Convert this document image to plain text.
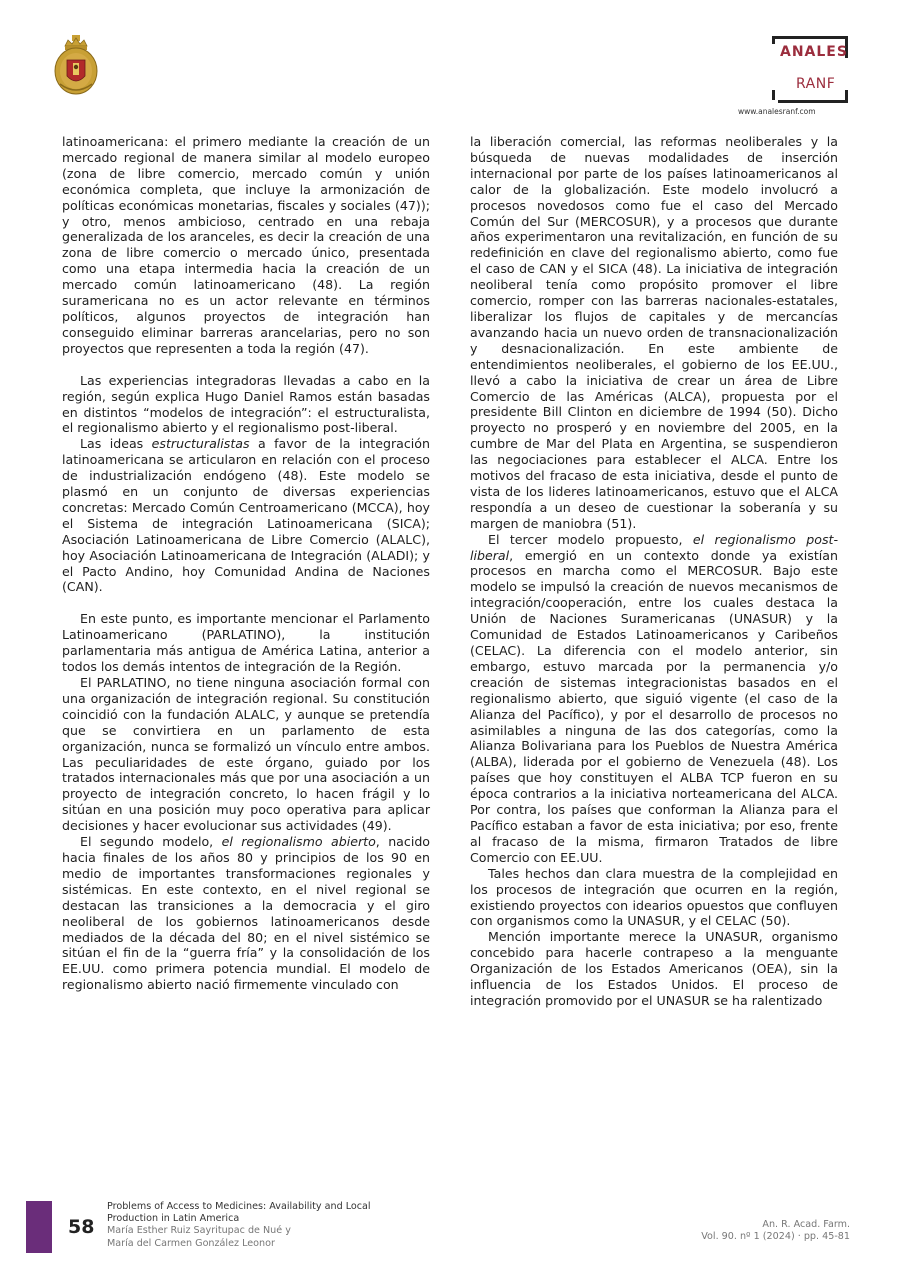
ANALES
RANF
www.analesranf.com

latinoamericana: el primero mediante la creación de un mercado regional de manera similar al modelo europeo (zona de libre comercio, mercado común y unión económica completa, que incluye la armonización de políticas económicas monetarias, fiscales y sociales (47)); y otro, menos ambicioso, centrado en una rebaja generalizada de los aranceles, es decir la creación de una zona de libre comercio o mercado único, presentada como una etapa intermedia hacia la creación de un mercado común latinoamericano (48). La región suramericana no es un actor relevante en términos políticos, algunos proyectos de integración han conseguido eliminar barreras arancelarias, pero no son proyectos que representen a toda la región (47).

Las experiencias integradoras llevadas a cabo en la región, según explica Hugo Daniel Ramos están basadas en distintos “modelos de integración”: el estructuralista, el regionalismo abierto y el regionalismo post-liberal.

Las ideas estructuralistas a favor de la integración latinoamericana se articularon en relación con el proceso de industrialización endógeno (48). Este modelo se plasmó en un conjunto de diversas experiencias concretas: Mercado Común Centroamericano (MCCA), hoy el Sistema de integración Latinoamericana (SICA); Asociación Latinoamericana de Libre Comercio (ALALC), hoy Asociación Latinoamericana de Integración (ALADI); y el Pacto Andino, hoy Comunidad Andina de Naciones (CAN).

En este punto, es importante mencionar el Parlamento Latinoamericano (PARLATINO), la institución parlamentaria más antigua de América Latina, anterior a todos los demás intentos de integración de la Región.

El PARLATINO, no tiene ninguna asociación formal con una organización de integración regional. Su constitución coincidió con la fundación ALALC, y aunque se pretendía que se convirtiera en un parlamento de esta organización, nunca se formalizó un vínculo entre ambos. Las peculiaridades de este órgano, guiado por los tratados internacionales más que por una asociación a un proyecto de integración concreto, lo hacen frágil y lo sitúan en una posición muy poco operativa para aplicar decisiones y hacer evolucionar sus actividades (49).

El segundo modelo, el regionalismo abierto, nacido hacia finales de los años 80 y principios de los 90 en medio de importantes transformaciones regionales y sistémicas. En este contexto, en el nivel regional se destacan las transiciones a la democracia y el giro neoliberal de los gobiernos latinoamericanos desde mediados de la década del 80; en el nivel sistémico se sitúan el fin de la “guerra fría” y la consolidación de los EE.UU. como primera potencia mundial. El modelo de regionalismo abierto nació firmemente vinculado con

la liberación comercial, las reformas neoliberales y la búsqueda de nuevas modalidades de inserción internacional por parte de los países latinoamericanos al calor de la globalización. Este modelo involucró a procesos novedosos como fue el caso del Mercado Común del Sur (MERCOSUR), y a procesos que durante años experimentaron una revitalización, en función de su redefinición en clave del regionalismo abierto, como fue el caso de CAN y el SICA (48). La iniciativa de integración neoliberal tenía como propósito promover el libre comercio, romper con las barreras nacionales-estatales, liberalizar los flujos de capitales y de mercancías avanzando hacia un nuevo orden de transnacionalización y desnacionalización. En este ambiente de entendimientos neoliberales, el gobierno de los EE.UU., llevó a cabo la iniciativa de crear un área de Libre Comercio de las Américas (ALCA), propuesta por el presidente Bill Clinton en diciembre de 1994 (50). Dicho proyecto no prosperó y en noviembre del 2005, en la cumbre de Mar del Plata en Argentina, se suspendieron las negociaciones para establecer el ALCA. Entre los motivos del fracaso de esta iniciativa, desde el punto de vista de los lideres latinoamericanos, estuvo que el ALCA respondía a un deseo de cuestionar la soberanía y su margen de maniobra (51).

El tercer modelo propuesto, el regionalismo post-liberal, emergió en un contexto donde ya existían procesos en marcha como el MERCOSUR. Bajo este modelo se impulsó la creación de nuevos mecanismos de integración/cooperación, entre los cuales destaca la Unión de Naciones Suramericanas (UNASUR) y la Comunidad de Estados Latinoamericanos y Caribeños (CELAC). La diferencia con el modelo anterior, sin embargo, estuvo marcada por la permanencia y/o creación de sistemas integracionistas basados en el regionalismo abierto, que siguió vigente (el caso de la Alianza del Pacífico), y por el desarrollo de procesos no asimilables a ninguna de las dos categorías, como la Alianza Bolivariana para los Pueblos de Nuestra América (ALBA), liderada por el gobierno de Venezuela (48). Los países que hoy constituyen el ALBA TCP fueron en su época contrarios a la iniciativa norteamericana del ALCA. Por contra, los países que conforman la Alianza para el Pacífico estaban a favor de esta iniciativa; por eso, frente al fracaso de la misma, firmaron Tratados de libre Comercio con EE.UU.

Tales hechos dan clara muestra de la complejidad en los procesos de integración que ocurren en la región, existiendo proyectos con idearios opuestos que confluyen con organismos como la UNASUR, y el CELAC (50).

Mención importante merece la UNASUR, organismo concebido para hacerle contrapeso a la menguante Organización de los Estados Americanos (OEA), sin la influencia de los Estados Unidos. El proceso de integración promovido por el UNASUR se ha ralentizado

58
Problems of Access to Medicines: Availability and Local
Production in Latin America
María Esther Ruiz Sayritupac de Nué y
María del Carmen González Leonor
An. R. Acad. Farm.
Vol. 90. nº 1 (2024) · pp. 45-81
